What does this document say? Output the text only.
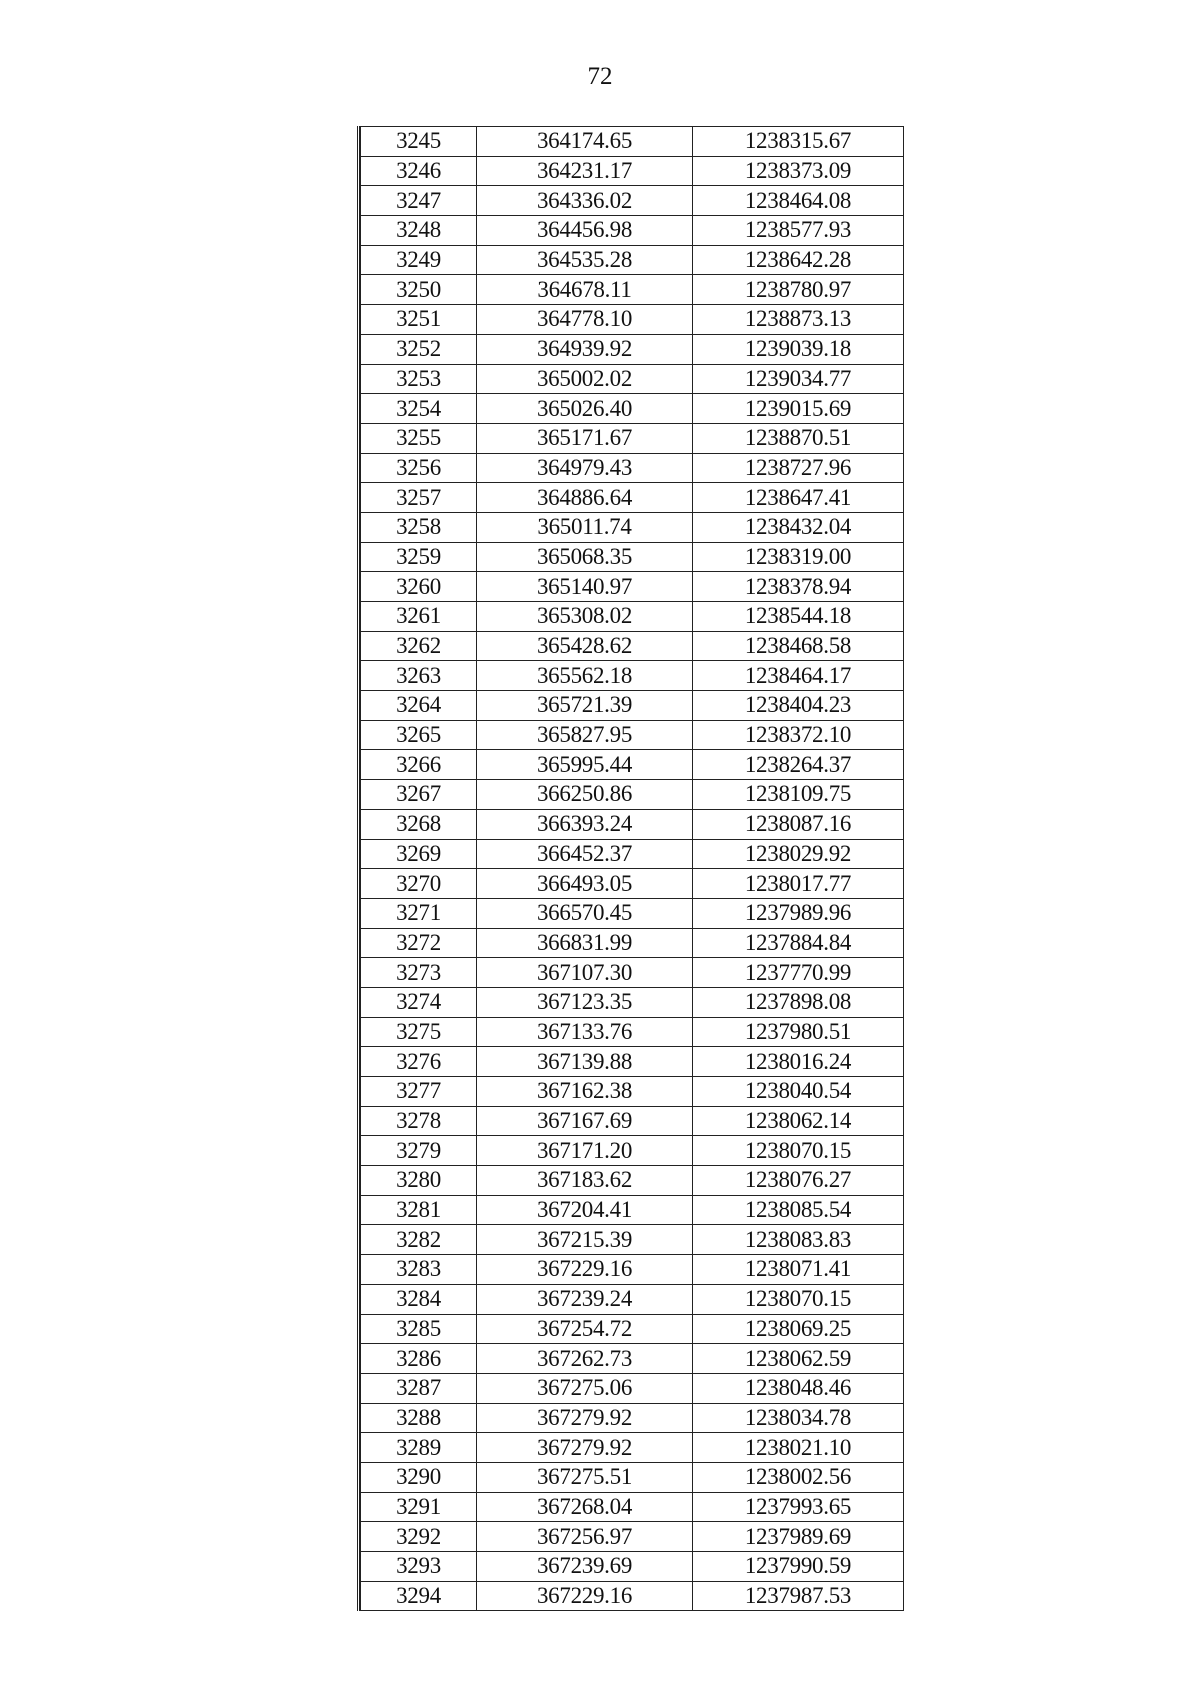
72
3245	364174.65	1238315.67
3246	364231.17	1238373.09
3247	364336.02	1238464.08
3248	364456.98	1238577.93
3249	364535.28	1238642.28
3250	364678.11	1238780.97
3251	364778.10	1238873.13
3252	364939.92	1239039.18
3253	365002.02	1239034.77
3254	365026.40	1239015.69
3255	365171.67	1238870.51
3256	364979.43	1238727.96
3257	364886.64	1238647.41
3258	365011.74	1238432.04
3259	365068.35	1238319.00
3260	365140.97	1238378.94
3261	365308.02	1238544.18
3262	365428.62	1238468.58
3263	365562.18	1238464.17
3264	365721.39	1238404.23
3265	365827.95	1238372.10
3266	365995.44	1238264.37
3267	366250.86	1238109.75
3268	366393.24	1238087.16
3269	366452.37	1238029.92
3270	366493.05	1238017.77
3271	366570.45	1237989.96
3272	366831.99	1237884.84
3273	367107.30	1237770.99
3274	367123.35	1237898.08
3275	367133.76	1237980.51
3276	367139.88	1238016.24
3277	367162.38	1238040.54
3278	367167.69	1238062.14
3279	367171.20	1238070.15
3280	367183.62	1238076.27
3281	367204.41	1238085.54
3282	367215.39	1238083.83
3283	367229.16	1238071.41
3284	367239.24	1238070.15
3285	367254.72	1238069.25
3286	367262.73	1238062.59
3287	367275.06	1238048.46
3288	367279.92	1238034.78
3289	367279.92	1238021.10
3290	367275.51	1238002.56
3291	367268.04	1237993.65
3292	367256.97	1237989.69
3293	367239.69	1237990.59
3294	367229.16	1237987.53
